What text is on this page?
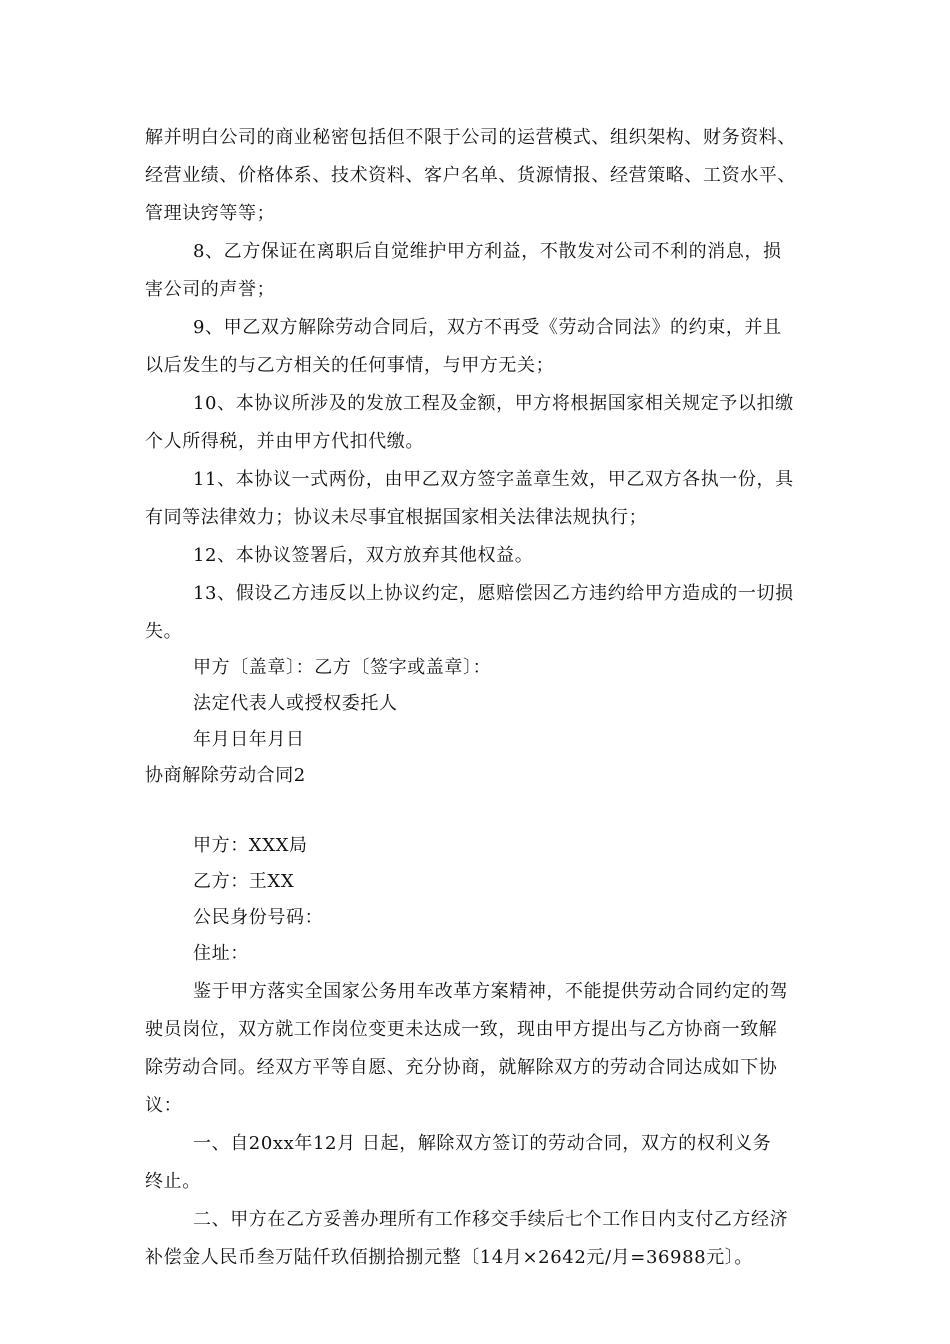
解并明白公司的商业秘密包括但不限于公司的运营模式、组织架构、财务资料、
经营业绩、价格体系、技术资料、客户名单、货源情报、经营策略、工资水平、
管理诀窍等等；
8、乙方保证在离职后自觉维护甲方利益，不散发对公司不利的消息，损
害公司的声誉；
9、甲乙双方解除劳动合同后，双方不再受《劳动合同法》的约束，并且
以后发生的与乙方相关的任何事情，与甲方无关；
10、本协议所涉及的发放工程及金额，甲方将根据国家相关规定予以扣缴
个人所得税，并由甲方代扣代缴。
11、本协议一式两份，由甲乙双方签字盖章生效，甲乙双方各执一份，具
有同等法律效力；协议未尽事宜根据国家相关法律法规执行；
12、本协议签署后，双方放弃其他权益。
13、假设乙方违反以上协议约定，愿赔偿因乙方违约给甲方造成的一切损
失。
甲方〔盖章〕：乙方〔签字或盖章〕：
法定代表人或授权委托人
年月日年月日
协商解除劳动合同2
甲方：XXX局
乙方：王XX
公民身份号码：
住址：
鉴于甲方落实全国家公务用车改革方案精神，不能提供劳动合同约定的驾
驶员岗位，双方就工作岗位变更未达成一致，现由甲方提出与乙方协商一致解
除劳动合同。经双方平等自愿、充分协商，就解除双方的劳动合同达成如下协
议：
一、自20xx年12月 日起，解除双方签订的劳动合同，双方的权利义务
终止。
二、甲方在乙方妥善办理所有工作移交手续后七个工作日内支付乙方经济
补偿金人民币叁万陆仟玖佰捌拾捌元整〔14月×2642元/月=36988元〕。
